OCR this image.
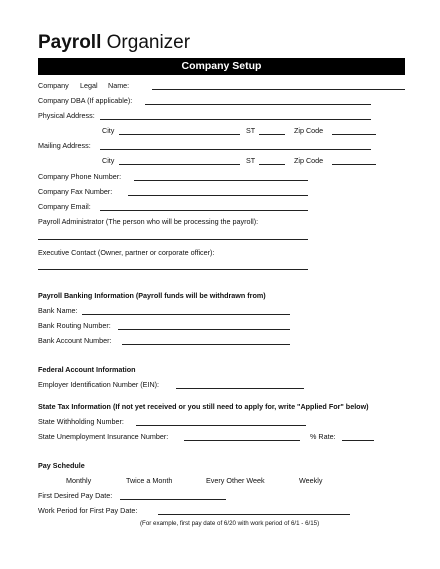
Payroll Organizer
Company Setup
Company Legal Name:
Company DBA (If applicable):
Physical Address:
City	ST	Zip Code
Mailing Address:
City	ST	Zip Code
Company Phone Number:
Company Fax Number:
Company Email:
Payroll Administrator (The person who will be processing the payroll):
Executive Contact (Owner, partner or corporate officer):
Payroll Banking Information (Payroll funds will be withdrawn from)
Bank Name:
Bank Routing Number:
Bank Account Number:
Federal Account Information
Employer Identification Number (EIN):
State Tax Information (If not yet received or you still need to apply for, write "Applied For" below)
State Withholding Number:
State Unemployment Insurance Number:	% Rate:
Pay Schedule
Monthly	Twice a Month	Every Other Week	Weekly
First Desired Pay Date:
Work Period for First Pay Date:
(For example, first pay date of 6/20 with work period of 6/1 - 6/15)
